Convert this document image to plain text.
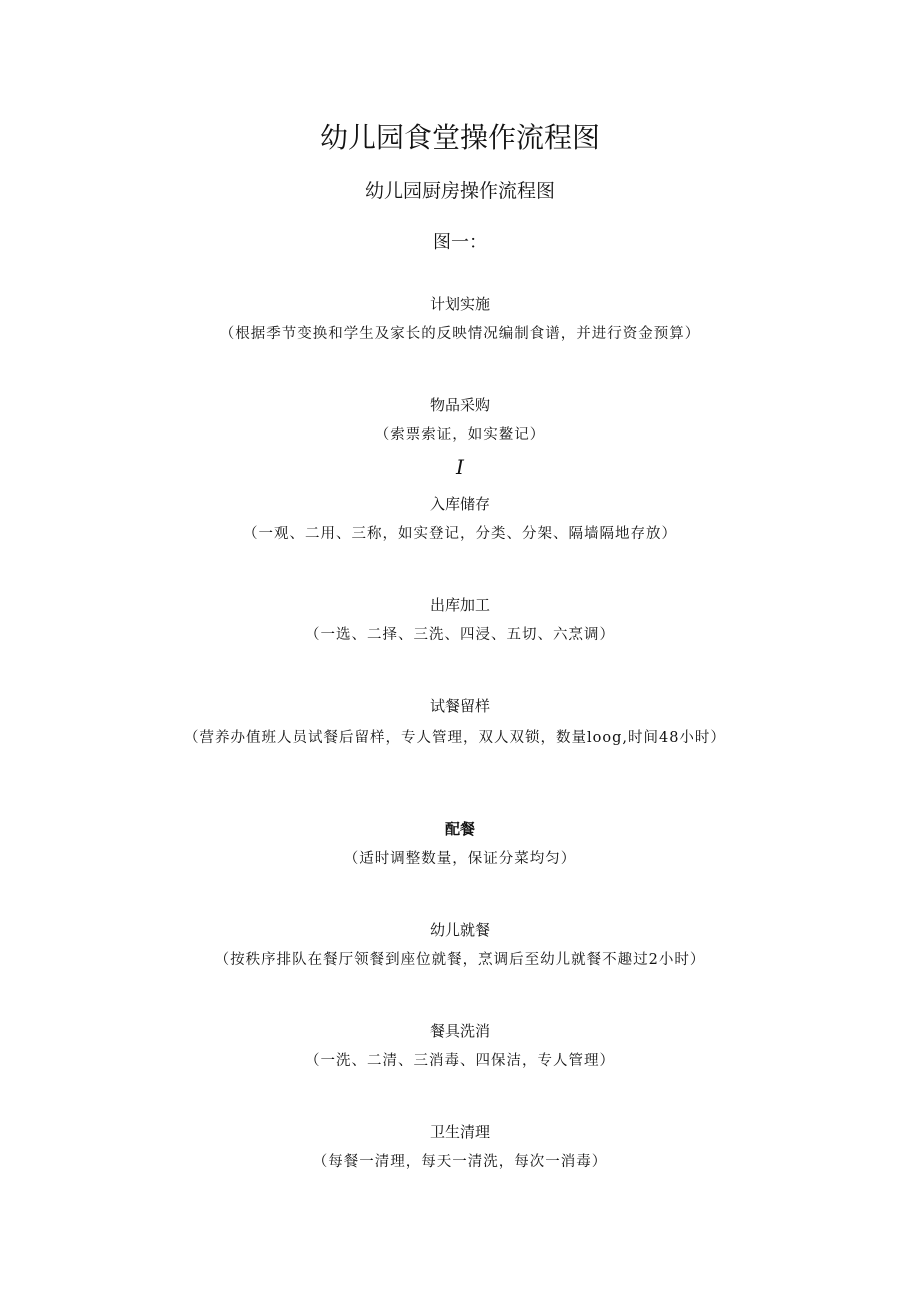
幼儿园食堂操作流程图
幼儿园厨房操作流程图
图一：
计划实施
（根据季节变换和学生及家长的反映情况编制食谱，并进行资金预算）
物品采购
（索票索证，如实鳌记）
I
入库储存
（一观、二用、三称，如实登记，分类、分架、隔墙隔地存放）
出库加工
（一选、二择、三洗、四浸、五切、六烹调）
试餐留样
（营养办值班人员试餐后留样，专人管理，双人双锁，数量loog,时间48小时）
配餐
（适时调整数量，保证分菜均匀）
幼儿就餐
（按秩序排队在餐厅领餐到座位就餐，烹调后至幼儿就餐不趣过2小时）
餐具洗消
（一洗、二清、三消毒、四保洁，专人管理）
卫生清理
（每餐一清理，每天一清洗，每次一消毒）
